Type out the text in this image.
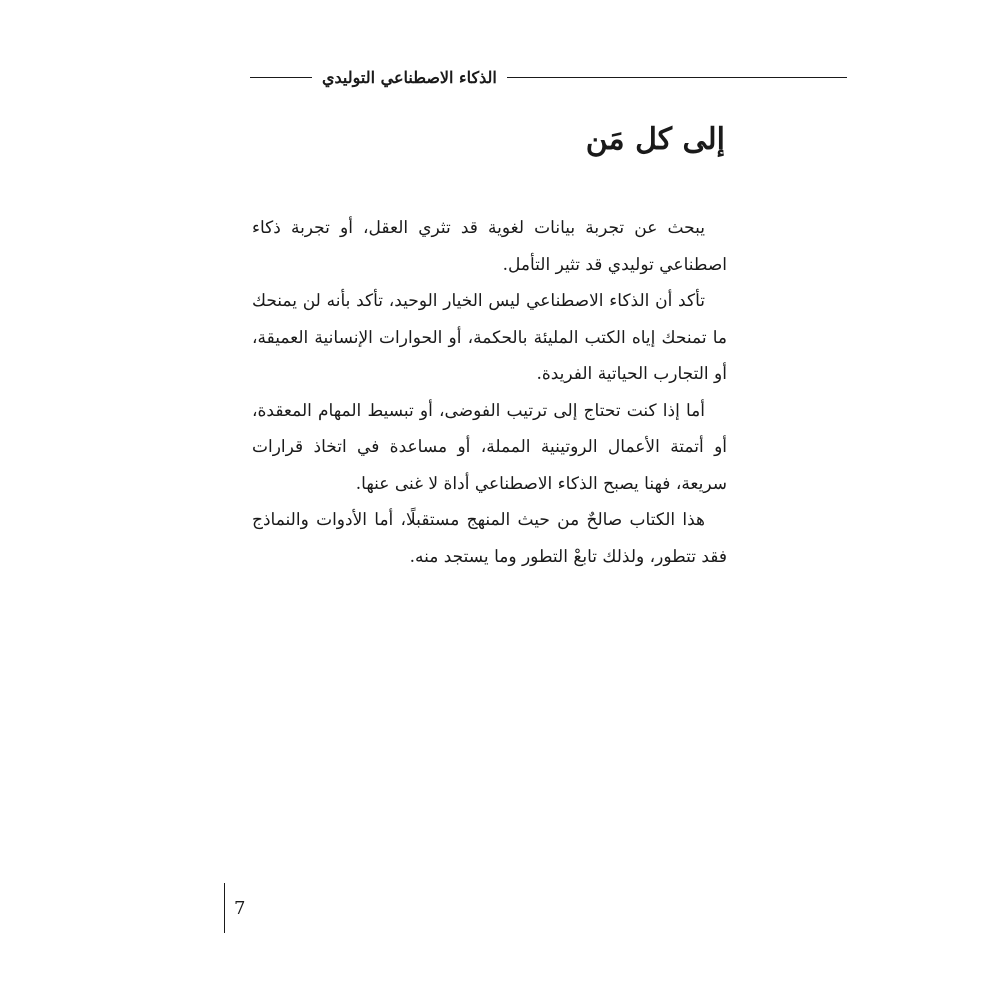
الذكاء الاصطناعي التوليدي
إلى كل مَن

يبحث عن تجربة بيانات لغوية قد تثري العقل، أو تجربة ذكاء اصطناعي توليدي قد تثير التأمل.

تأكد أن الذكاء الاصطناعي ليس الخيار الوحيد، تأكد بأنه لن يمنحك ما تمنحك إياه الكتب المليئة بالحكمة، أو الحوارات الإنسانية العميقة، أو التجارب الحياتية الفريدة.

أما إذا كنت تحتاج إلى ترتيب الفوضى، أو تبسيط المهام المعقدة، أو أتمتة الأعمال الروتينية المملة، أو مساعدة في اتخاذ قرارات سريعة، فهنا يصبح الذكاء الاصطناعي أداة لا غنى عنها.

هذا الكتاب صالحٌ من حيث المنهج مستقبلًا، أما الأدوات والنماذج فقد تتطور، ولذلك تابعْ التطور وما يستجد منه.

7
